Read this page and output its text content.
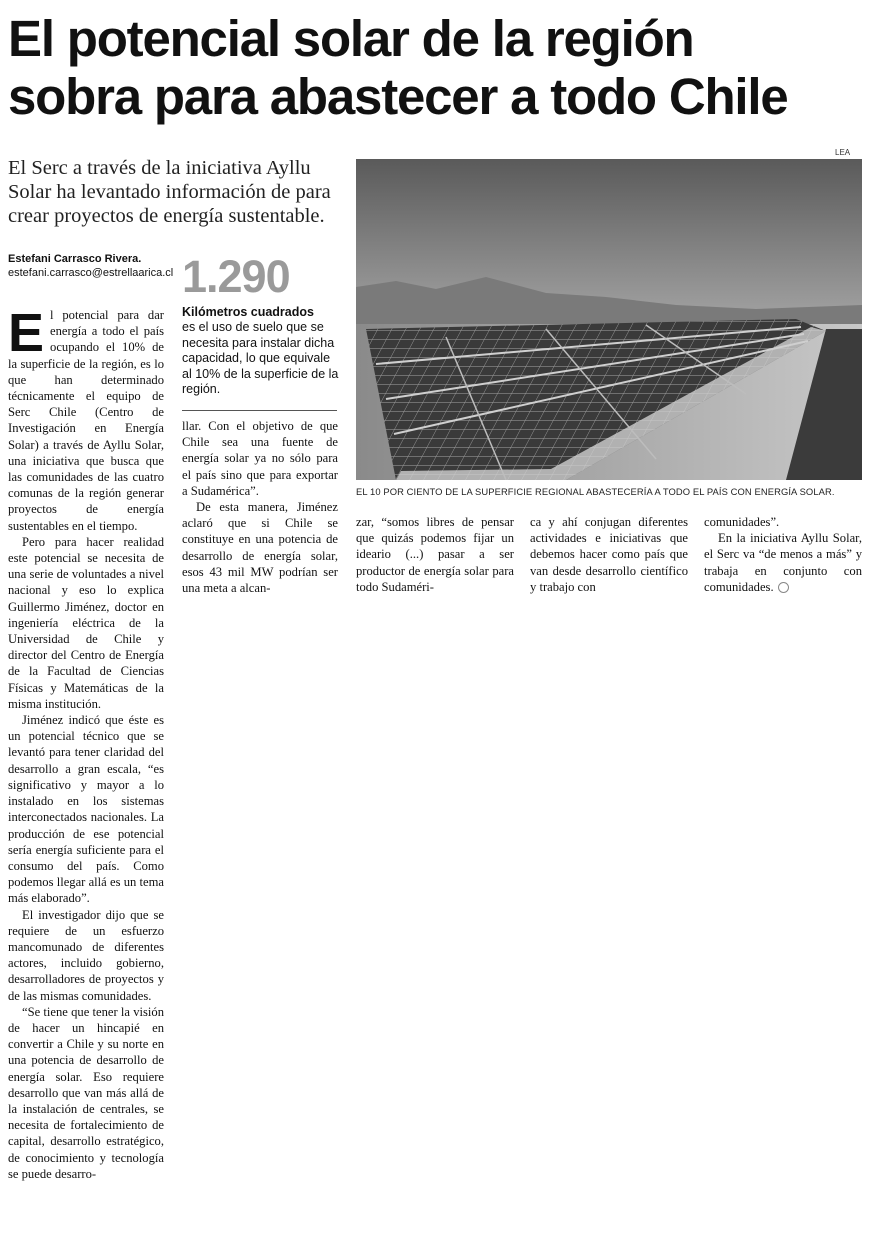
El potencial solar de la región
sobra para abastecer a todo Chile

El Serc a través de la iniciativa Ayllu Solar ha levantado información de para crear proyectos de energía sustentable.

Estefani Carrasco Rivera.
estefani.carrasco@estrellaarica.cl
LEA
EL 10 POR CIENTO DE LA SUPERFICIE REGIONAL ABASTECERÍA A TODO EL PAÍS CON ENERGÍA SOLAR.
1.290
Kilómetros cuadrados
es el uso de suelo que se necesita para instalar dicha capacidad, lo que equivale al 10% de la superficie de la región.

E l potencial para dar energía a todo el país ocupando el 10% de la superficie de la región, es lo que han determinado técnicamente el equipo de Serc Chile (Centro de Investigación en Energía Solar) a través de Ayllu Solar, una iniciativa que busca que las comunidades de las cuatro comunas de la región generar proyectos de energía sustentables en el tiempo.

Pero para hacer realidad este potencial se necesita de una serie de voluntades a nivel nacional y eso lo explica Guillermo Jiménez, doctor en ingeniería eléctrica de la Universidad de Chile y director del Centro de Energía de la Facultad de Ciencias Físicas y Matemáticas de la misma institución.

Jiménez indicó que éste es un potencial técnico que se levantó para tener claridad del desarrollo a gran escala, “es significativo y mayor a lo instalado en los sistemas interconectados nacionales. La producción de ese potencial sería energía suficiente para el consumo del país. Como podemos llegar allá es un tema más elaborado”.

El investigador dijo que se requiere de un esfuerzo mancomunado de diferentes actores, incluido gobierno, desarrolladores de proyectos y de las mismas comunidades.

“Se tiene que tener la visión de hacer un hincapié en convertir a Chile y su norte en una potencia de desarrollo de energía solar. Eso requiere desarrollo que van más allá de la instalación de centrales, se necesita de fortalecimiento de capital, desarrollo estratégico, de conocimiento y tecnología se puede desarro-

llar. Con el objetivo de que Chile sea una fuente de energía solar ya no sólo para el país sino que para exportar a Sudamérica”.

De esta manera, Jiménez aclaró que si Chile se constituye en una potencia de desarrollo de energía solar, esos 43 mil MW podrían ser una meta a alcan-

zar, “somos libres de pensar que quizás podemos fijar un ideario (...) pasar a ser productor de energía solar para todo Sudaméri-

ca y ahí conjugan diferentes actividades e iniciativas que debemos hacer como país que van desde desarrollo científico y trabajo con

comunidades”.

En la iniciativa Ayllu Solar, el Serc va “de menos a más” y trabaja en conjunto con comunidades.
